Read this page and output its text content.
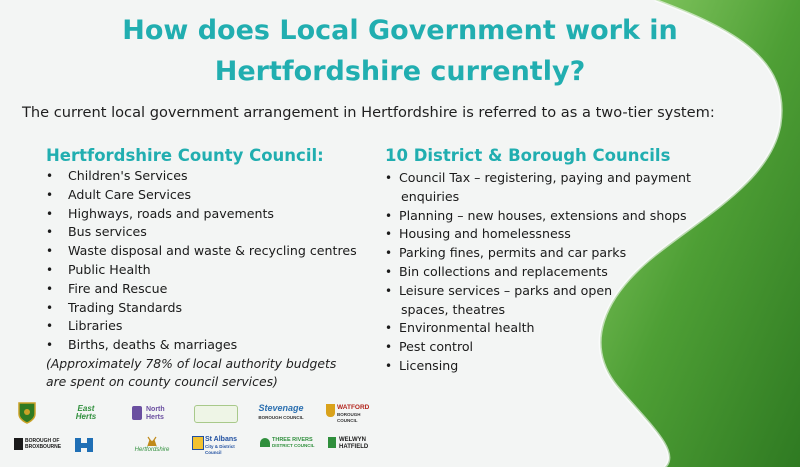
How does Local Government work in
Hertfordshire currently?
The current local government arrangement in Hertfordshire is referred to as a two-tier system:
Hertfordshire County Council:
• Children's Services
• Adult Care Services
• Highways, roads and pavements
• Bus services
• Waste disposal and waste & recycling centres
• Public Health
• Fire and Rescue
• Trading Standards
• Libraries
• Births, deaths & marriages
(Approximately 78% of local authority budgets
are spent on county council services)
10 District & Borough Councils
• Council Tax – registering, paying and payment
enquiries
• Planning – new houses, extensions and shops
• Housing and homelessness
• Parking fines, permits and car parks
• Bin collections and replacements
• Leisure services – parks and open
spaces, theatres
• Environmental health
• Pest control
• Licensing
East
Herts
North
Herts
Stevenage
BOROUGH COUNCIL
WATFORD
BOROUGH
COUNCIL
BOROUGH OF
BROXBOURNE	Hertfordshire
St Albans
City & District Council
THREE RIVERS
DISTRICT COUNCIL
WELWYN
HATFIELD
